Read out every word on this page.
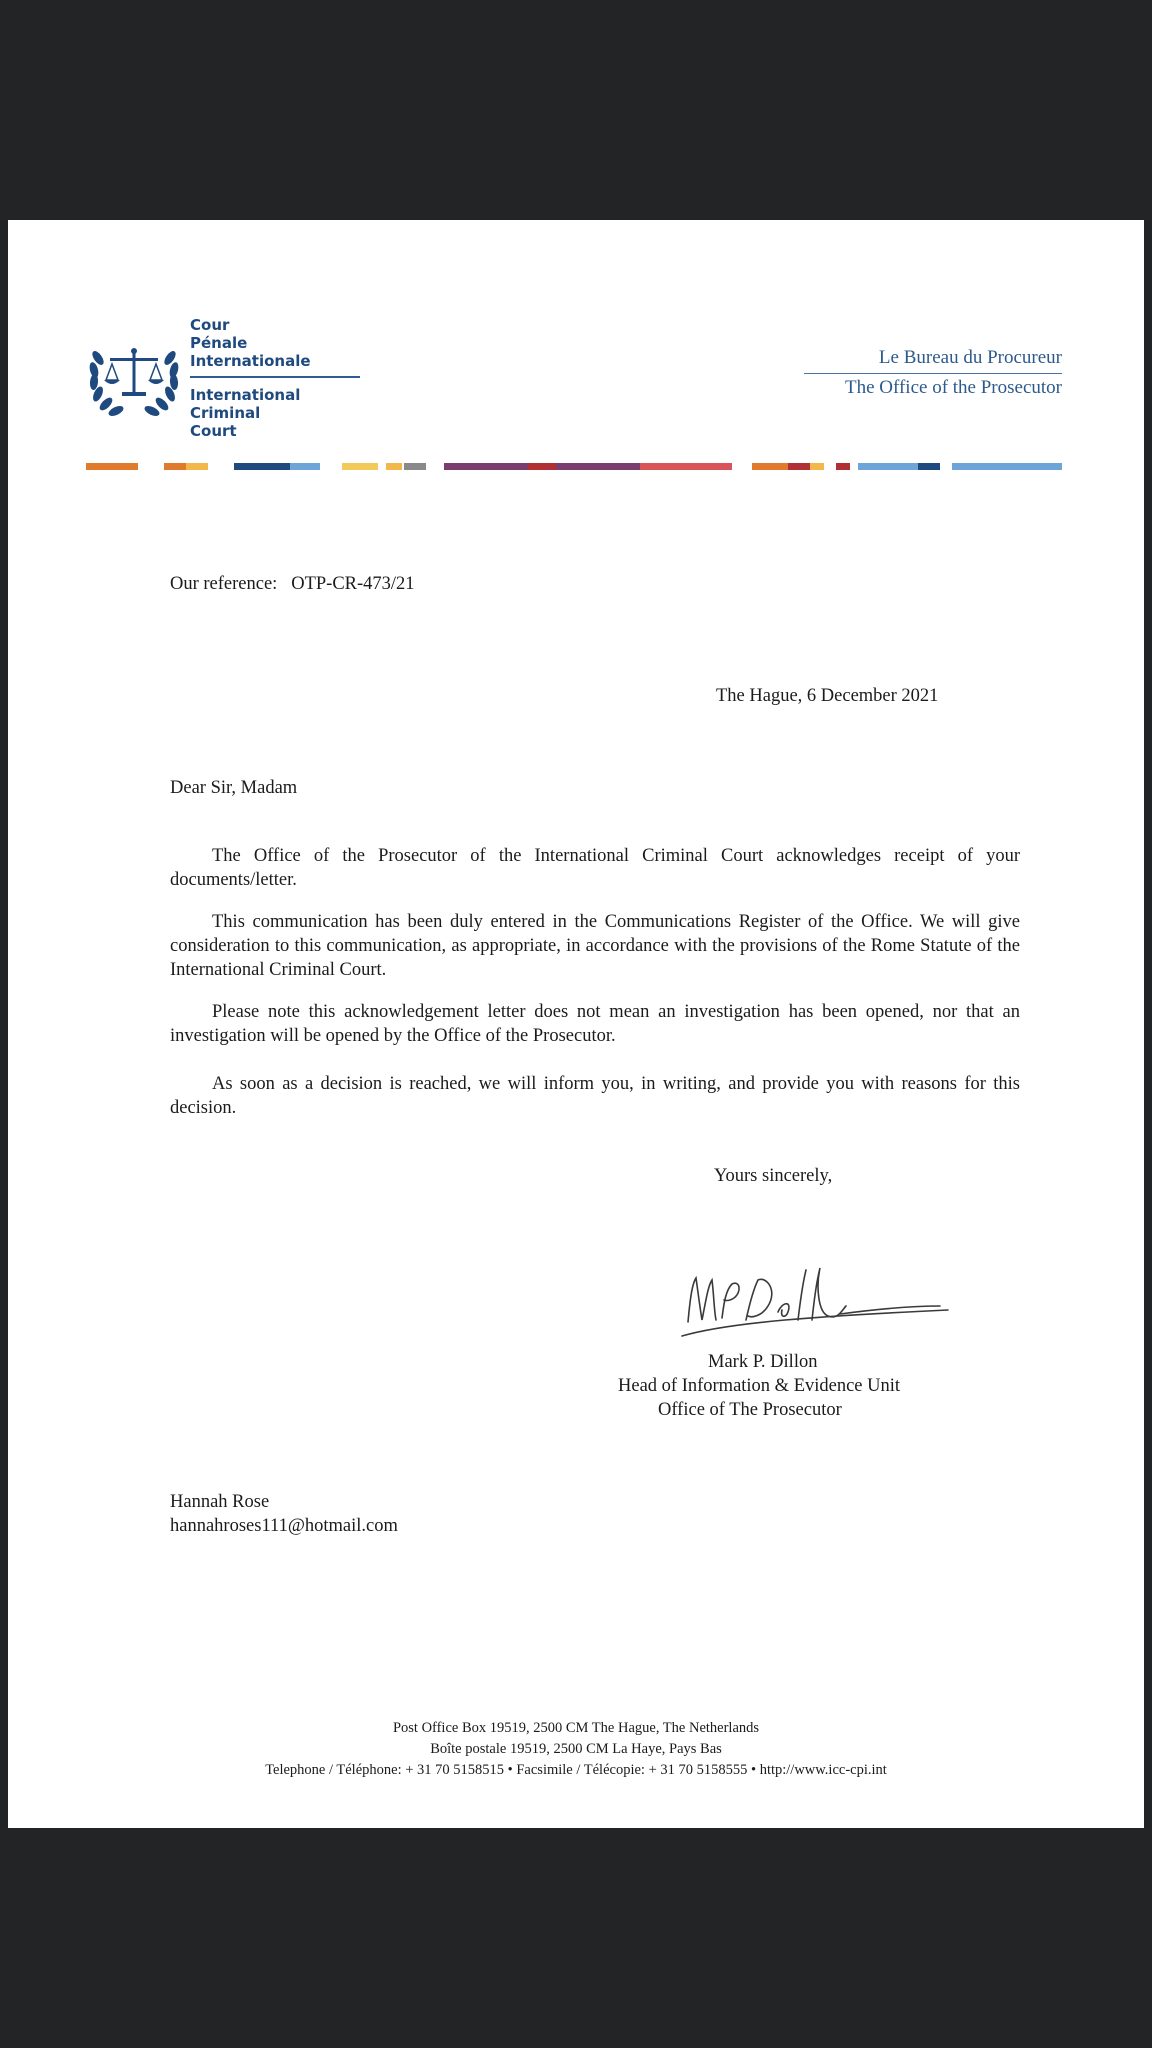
Cour
Pénale
Internationale
International
Criminal
Court
Le Bureau du Procureur
The Office of the Prosecutor
Our reference: OTP-CR-473/21
The Hague, 6 December 2021
Dear Sir, Madam
The Office of the Prosecutor of the International Criminal Court acknowledges receipt of your documents/letter.
This communication has been duly entered in the Communications Register of the Office. We will give consideration to this communication, as appropriate, in accordance with the provisions of the Rome Statute of the International Criminal Court.
Please note this acknowledgement letter does not mean an investigation has been opened, nor that an investigation will be opened by the Office of the Prosecutor.
As soon as a decision is reached, we will inform you, in writing, and provide you with reasons for this decision.
Yours sincerely,
Mark P. Dillon
Head of Information & Evidence Unit
Office of The Prosecutor
Hannah Rose
hannahroses111@hotmail.com
Post Office Box 19519, 2500 CM The Hague, The Netherlands
Boîte postale 19519, 2500 CM La Haye, Pays Bas
Telephone / Téléphone: + 31 70 5158515 • Facsimile / Télécopie: + 31 70 5158555 • http://www.icc-cpi.int
